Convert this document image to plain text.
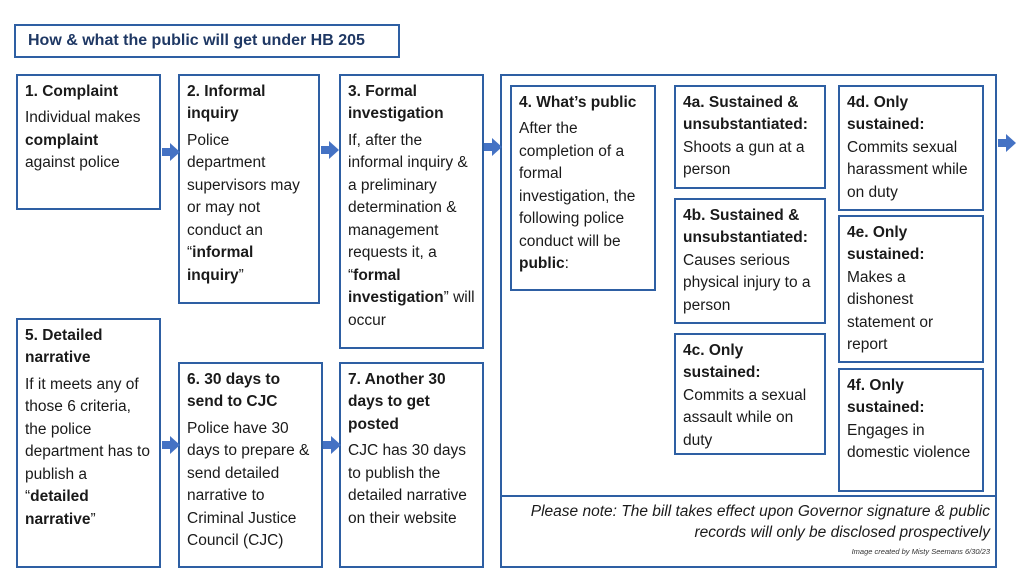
How & what the public will get under HB 205
1. Complaint
Individual makes complaint against police
2. Informal inquiry
Police department supervisors may or may not conduct an “informal inquiry”
3. Formal investigation
If, after the informal inquiry & a preliminary determination & management requests it, a “formal investigation” will occur
4. What’s public
After the completion of a formal investigation, the following police conduct will be public:
4a. Sustained & unsubstantiated:
Shoots a gun at a person
4b. Sustained & unsubstantiated:
Causes serious physical injury to a person
4c. Only sustained:
Commits a sexual assault while on duty
4d. Only sustained:
Commits sexual harassment while on duty
4e. Only sustained:
Makes a dishonest statement or report
4f. Only sustained:
Engages in domestic violence
5. Detailed narrative
If it meets any of those 6 criteria, the police department has to publish a “detailed narrative”
6. 30 days to send to CJC
Police have 30 days to prepare & send detailed narrative to Criminal Justice Council (CJC)
7. Another 30 days to get posted
CJC has 30 days to publish the detailed narrative on their website	Please note: The bill takes effect upon Governor signature & public records will only be disclosed prospectively
Image created by Misty Seemans 6/30/23
